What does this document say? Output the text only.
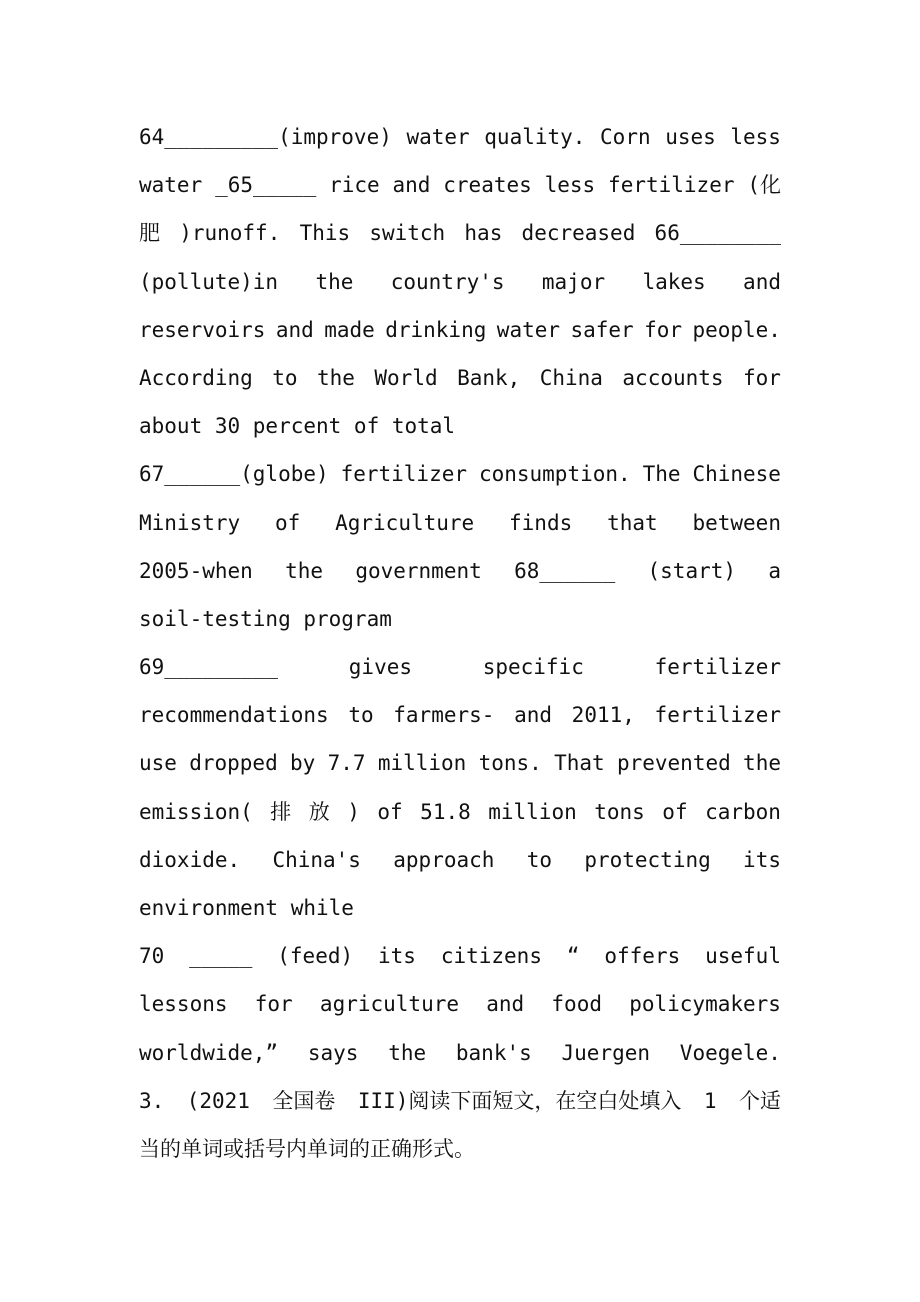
64_________(improve) water quality. Corn uses less
water _65_____ rice and creates less fertilizer (化
肥 )runoff. This switch has decreased 66________
(pollute)in the country's major lakes and
reservoirs and made drinking water safer for people.
According to the World Bank, China accounts for
about 30 percent of total
67______(globe) fertilizer consumption. The Chinese
Ministry of Agriculture finds that between
2005-when the government 68______ (start) a
soil-testing program
69_________	gives	specific	fertilizer
recommendations to farmers- and 2011, fertilizer
use dropped by 7.7 million tons. That prevented the
emission( 排 放 ) of 51.8 million tons of carbon
dioxide. China's approach to protecting its
environment while
70 _____ (feed) its citizens “ offers useful
lessons for agriculture and food policymakers
worldwide,” says the bank's Juergen Voegele.
3. (2021 全国卷 III)阅读下面短文，在空白处填入 1 个适
当的单词或括号内单词的正确形式。
